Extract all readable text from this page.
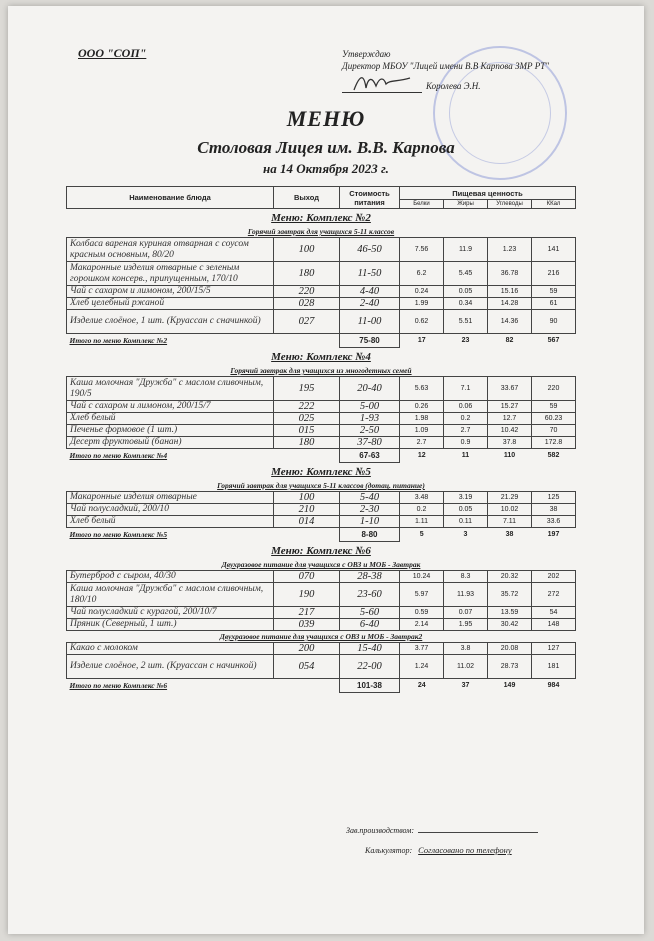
ООО "СОП"	Утверждаю
Директор МБОУ "Лицей имени В.В Карпова ЗМР РТ"
Королева Э.Н.
МЕНЮ
Столовая Лицея им. В.В. Карпова
на 14 Октября 2023 г.
Наименование блюда	Выход	Стоимость питания	Пищевая ценность			
			Белки	Жиры	Углеводы	ККал
Меню: Комплекс №2						
Горячий завтрак для учащихся 5-11 классов						
Колбаса вареная куриная отварная с соусом красным основным, 80/20	100	46-50	7.56	11.9	1.23	141
Макаронные изделия отварные с зеленым горошком консерв., припущенным, 170/10	180	11-50	6.2	5.45	36.78	216
Чай с сахаром и лимоном, 200/15/5	220	4-40	0.24	0.05	15.16	59
Хлеб целебный ржаной	028	2-40	1.99	0.34	14.28	61
Изделие слоёное, 1 шт. (Круассан с сначинкой)	027	11-00	0.62	5.51	14.36	90
Итого по меню Комплекс №2		75-80	17	23	82	567
Меню: Комплекс №4						
Горячий завтрак для учащихся из многодетных семей						
Каша молочная "Дружба" с маслом сливочным, 190/5	195	20-40	5.63	7.1	33.67	220
Чай с сахаром и лимоном, 200/15/7	222	5-00	0.26	0.06	15.27	59
Хлеб белый	025	1-93	1.98	0.2	12.7	60.23
Печенье формовое (1 шт.)	015	2-50	1.09	2.7	10.42	70
Десерт фруктовый (банан)	180	37-80	2.7	0.9	37.8	172.8
Итого по меню Комплекс №4		67-63	12	11	110	582
Меню: Комплекс №5						
Горячий завтрак для учащихся 5-11 классов (дотац. питание)						
Макаронные изделия отварные	100	5-40	3.48	3.19	21.29	125
Чай полусладкий, 200/10	210	2-30	0.2	0.05	10.02	38
Хлеб белый	014	1-10	1.11	0.11	7.11	33.6
Итого по меню Комплекс №5		8-80	5	3	38	197
Меню: Комплекс №6						
Двухразовое питание для учащихся с ОВЗ и МОБ - Завтрак						
Бутерброд с сыром, 40/30	070	28-38	10.24	8.3	20.32	202
Каша молочная "Дружба" с маслом сливочным, 180/10	190	23-60	5.97	11.93	35.72	272
Чай полусладкий с курагой, 200/10/7	217	5-60	0.59	0.07	13.59	54
Пряник (Северный, 1 шт.)	039	6-40	2.14	1.95	30.42	148
Двухразовое питание для учащихся с ОВЗ и МОБ - Завтрак2						
Какао с молоком	200	15-40	3.77	3.8	20.08	127
Изделие слоёное, 2 шт. (Круассан с начинкой)	054	22-00	1.24	11.02	28.73	181
Итого по меню Комплекс №6		101-38	24	37	149	984
Зав.производством:
Калькулятор: Согласовано по телефону
